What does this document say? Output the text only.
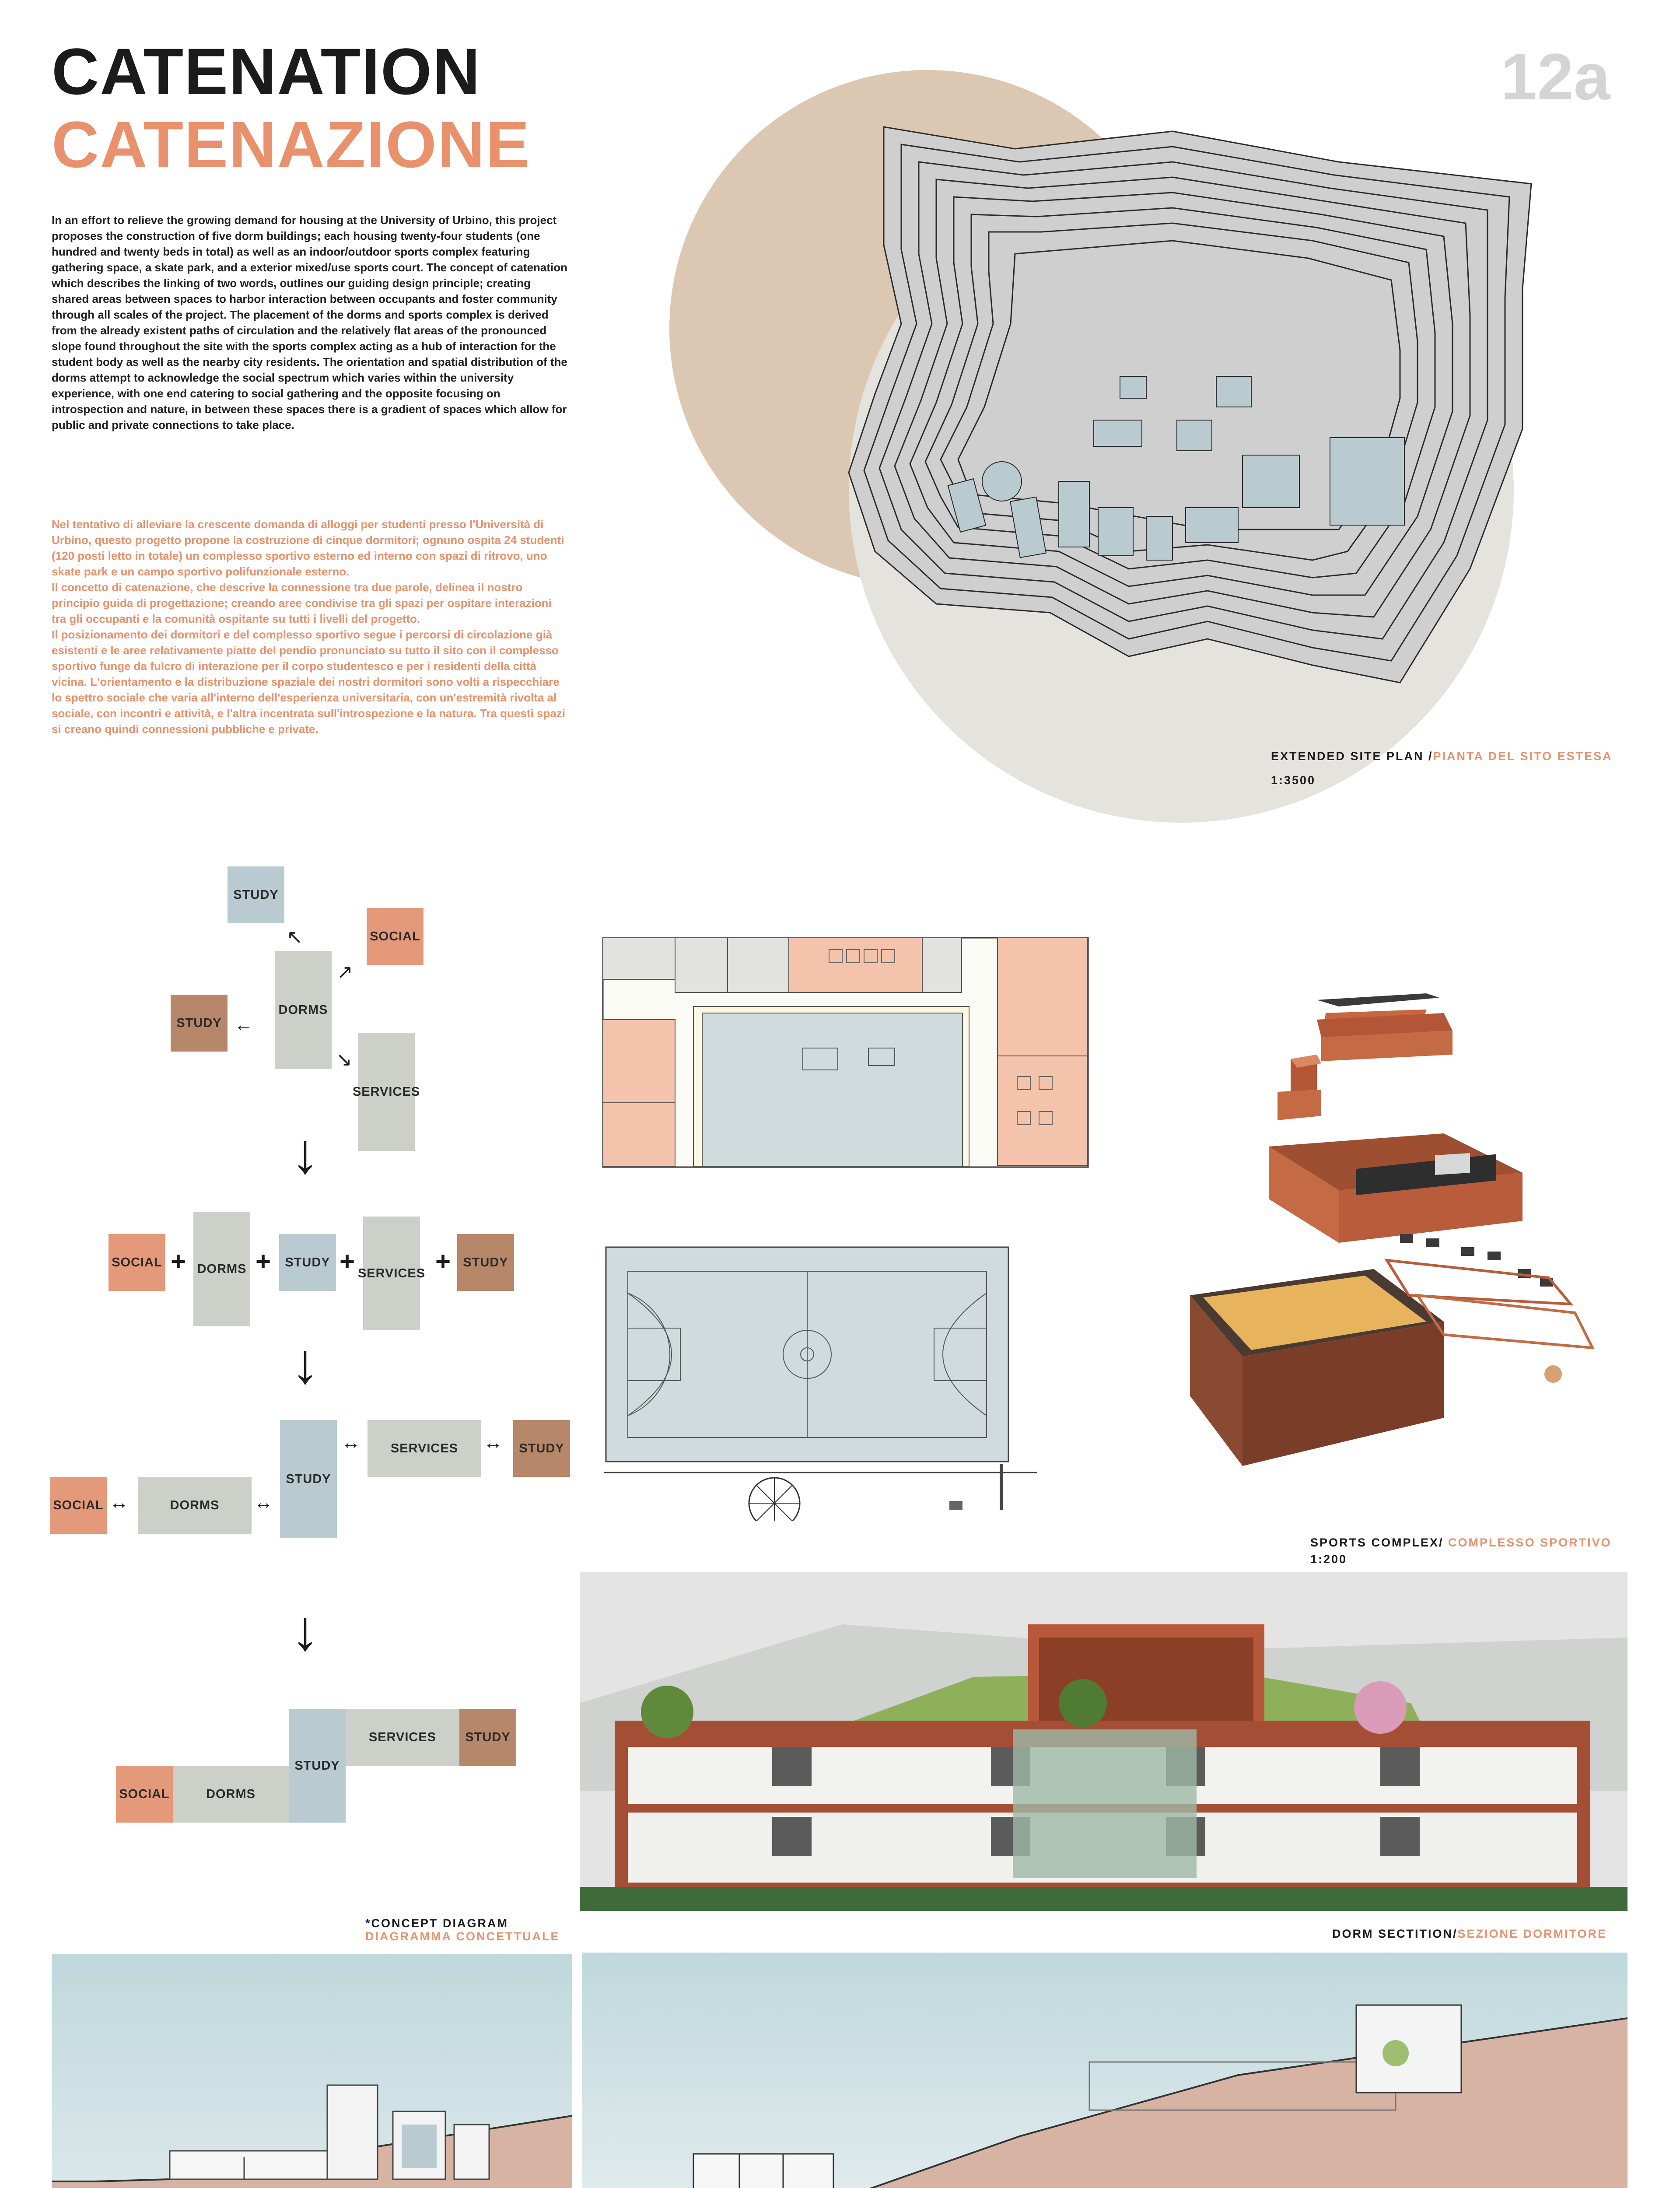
CATENATION
CATENAZIONE
12a

In an effort to relieve the growing demand for housing at the University of Urbino, this project proposes the construction of five dorm buildings; each housing twenty-four students (one hundred and twenty beds in total) as well as an indoor/outdoor sports complex featuring gathering space, a skate park, and a exterior mixed/use sports court. The concept of catenation which describes the linking of two words, outlines our guiding design principle; creating shared areas between spaces to harbor interaction between occupants and foster community through all scales of the project. The placement of the dorms and sports complex is derived from the already existent paths of circulation and the relatively flat areas of the pronounced slope found throughout the site with the sports complex acting as a hub of interaction for the student body as well as the nearby city residents. The orientation and spatial distribution of the dorms attempt to acknowledge the social spectrum which varies within the university experience, with one end catering to social gathering and the opposite focusing on introspection and nature, in between these spaces there is a gradient of spaces which allow for public and private connections to take place.

Nel tentativo di alleviare la crescente domanda di alloggi per studenti presso l'Università di Urbino, questo progetto propone la costruzione di cinque dormitori; ognuno ospita 24 studenti (120 posti letto in totale) un complesso sportivo esterno ed interno con spazi di ritrovo, uno skate park e un campo sportivo polifunzionale esterno.

Il concetto di catenazione, che descrive la connessione tra due parole, delinea il nostro principio guida di progettazione; creando aree condivise tra gli spazi per ospitare interazioni tra gli occupanti e la comunità ospitante su tutti i livelli del progetto.

Il posizionamento dei dormitori e del complesso sportivo segue i percorsi di circolazione già esistenti e le aree relativamente piatte del pendio pronunciato su tutto il sito con il complesso sportivo funge da fulcro di interazione per il corpo studentesco e per i residenti della città vicina. L'orientamento e la distribuzione spaziale dei nostri dormitori sono volti a rispecchiare lo spettro sociale che varia all'interno dell'esperienza universitaria, con un'estremità rivolta al sociale, con incontri e attività, e l'altra incentrata sull'introspezione e la natura. Tra questi spazi si creano quindi connessioni pubbliche e private.

EXTENDED SITE PLAN /PIANTA DEL SITO ESTESA
1:3500
STUDY
SOCIAL
DORMS
STUDY
SERVICES
↖
↗
←
↘
↓
SOCIAL + DORMS +	STUDY + SERVICES + STUDY
↓
STUDY
↔	SERVICES	↔	STUDY
SOCIAL ↔	DORMS	↔
↓
STUDY
SERVICES	STUDY
SOCIAL	DORMS
*CONCEPT DIAGRAM
DIAGRAMMA CONCETTUALE
SPORTS COMPLEX/ COMPLESSO SPORTIVO
1:200
DORM SECTITION/SEZIONE DORMITORE
